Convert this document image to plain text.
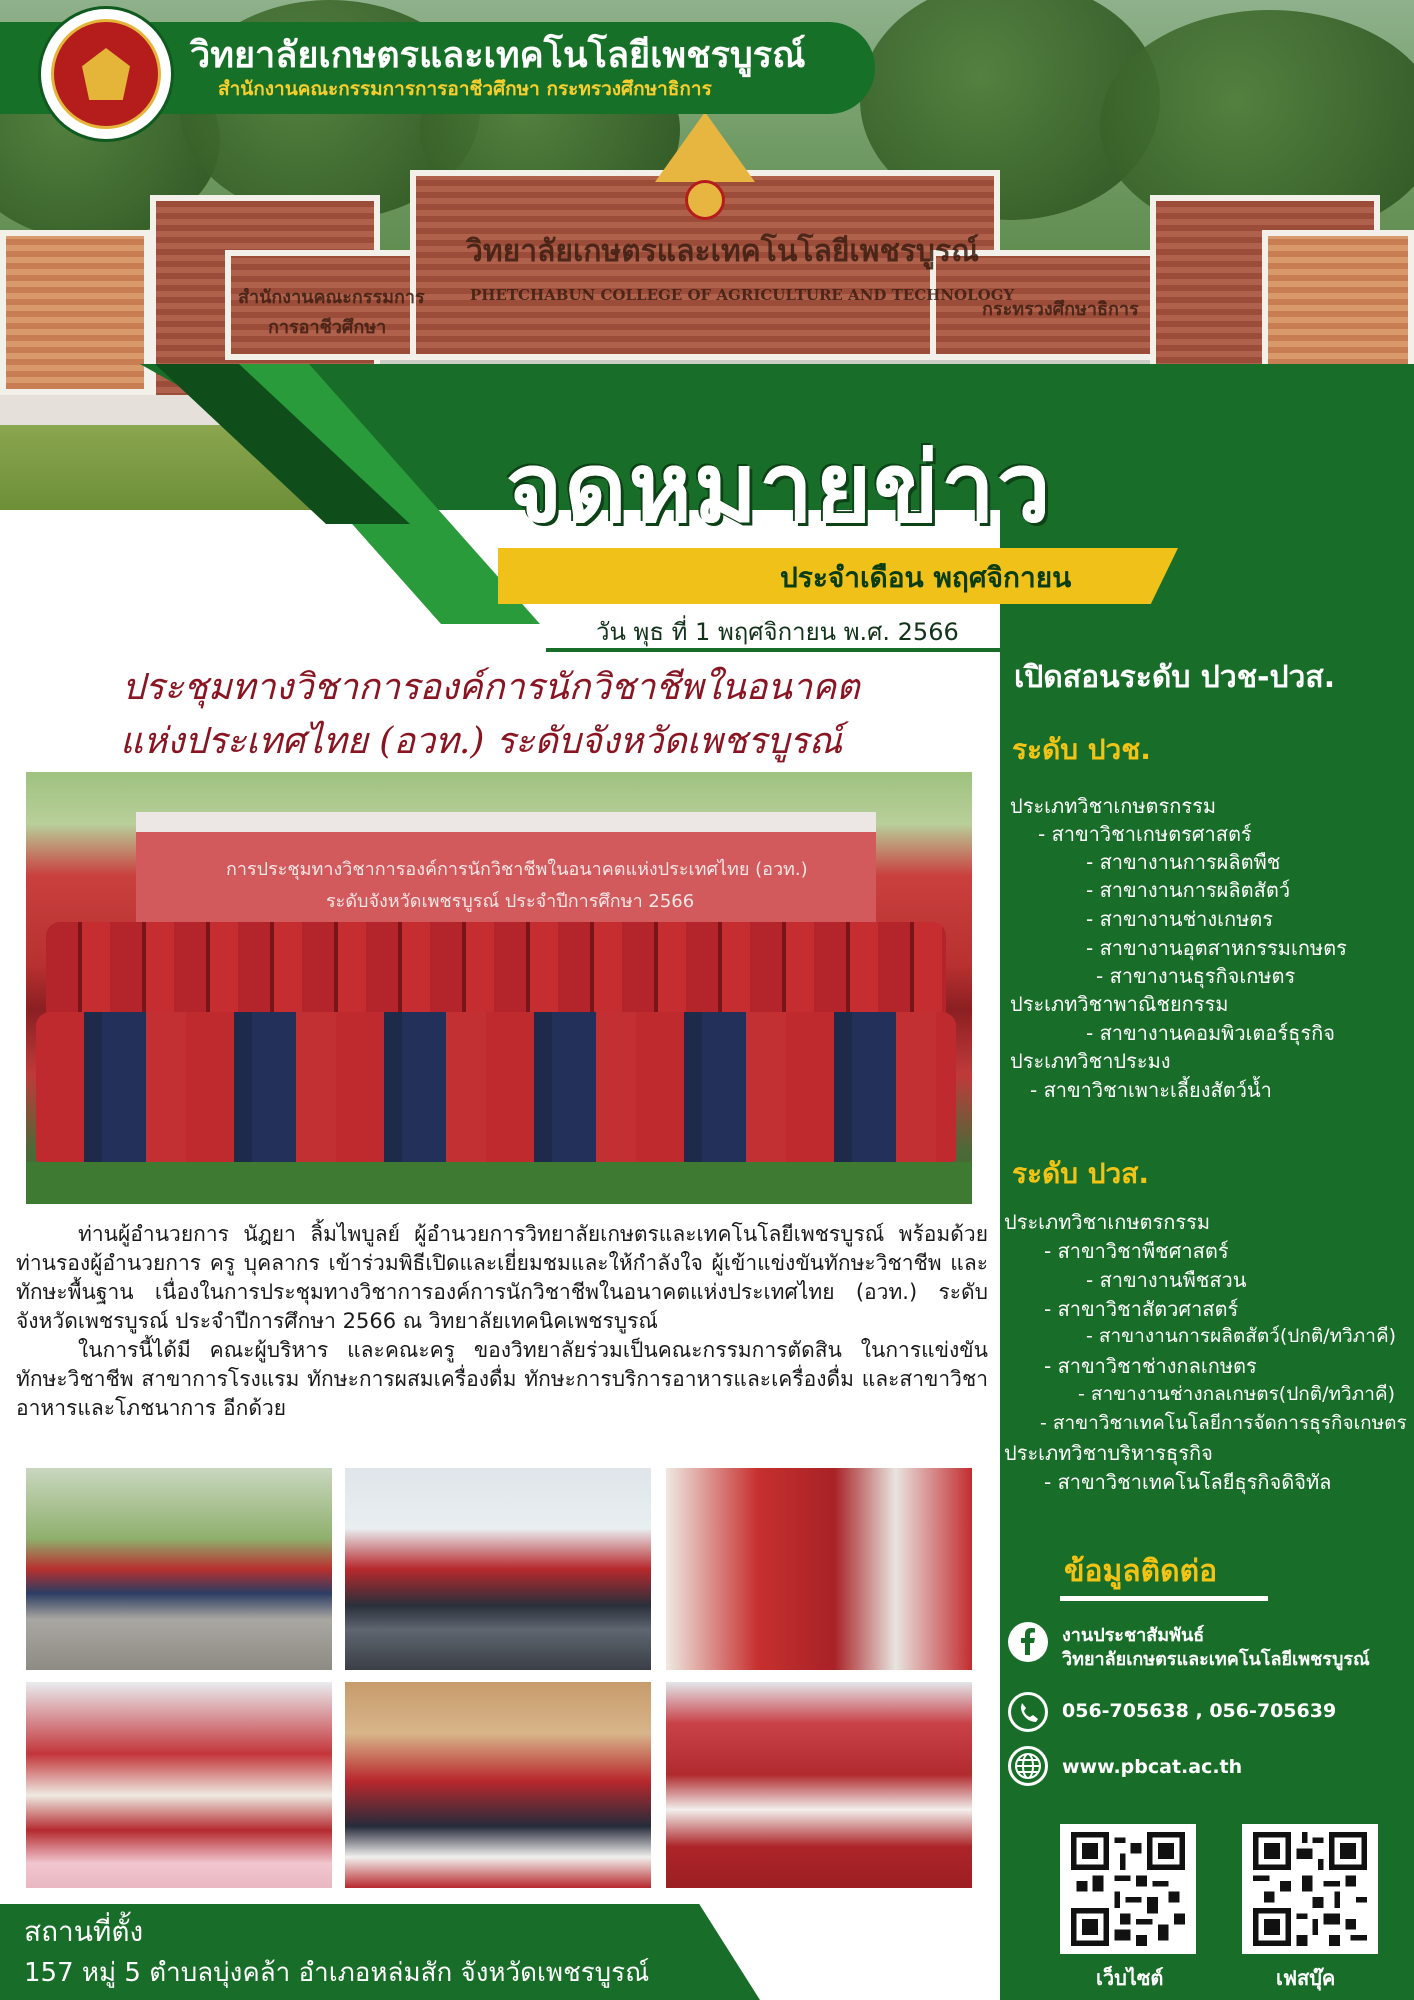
วิทยาลัยเกษตรและเทคโนโลยีเพชรบูรณ์
PHETCHABUN COLLEGE OF AGRICULTURE AND TECHNOLOGY
สำนักงานคณะกรรมการ
การอาชีวศึกษา
กระทรวงศึกษาธิการ
วิทยาลัยเกษตรและเทคโนโลยีเพชรบูรณ์
สำนักงานคณะกรรมการการอาชีวศึกษา กระทรวงศึกษาธิการ
จดหมายข่าว
ประจำเดือน พฤศจิกายน
วัน พุธ ที่ 1 พฤศจิกายน พ.ศ. 2566
ประชุมทางวิชาการองค์การนักวิชาชีพในอนาคต
แห่งประเทศไทย (อวท.) ระดับจังหวัดเพชรบูรณ์
การประชุมทางวิชาการองค์การนักวิชาชีพในอนาคตแห่งประเทศไทย (อวท.)
ระดับจังหวัดเพชรบูรณ์ ประจำปีการศึกษา 2566

ท่านผู้อำนวยการ นัฎยา ลิ้มไพบูลย์ ผู้อำนวยการวิทยาลัยเกษตรและเทคโนโลยีเพชรบูรณ์ พร้อมด้วยท่านรองผู้อำนวยการ ครู บุคลากร เข้าร่วมพิธีเปิดและเยี่ยมชมและให้กำลังใจ ผู้เข้าแข่งขันทักษะวิชาชีพ และทักษะพื้นฐาน เนื่องในการประชุมทางวิชาการองค์การนักวิชาชีพในอนาคตแห่งประเทศไทย (อวท.) ระดับจังหวัดเพชรบูรณ์ ประจำปีการศึกษา 2566 ณ วิทยาลัยเทคนิคเพชรบูรณ์

ในการนี้ได้มี คณะผู้บริหาร และคณะครู ของวิทยาลัยร่วมเป็นคณะกรรมการตัดสิน ในการแข่งขันทักษะวิชาชีพ สาขาการโรงแรม ทักษะการผสมเครื่องดื่ม ทักษะการบริการอาหารและเครื่องดื่ม และสาขาวิชาอาหารและโภชนาการ อีกด้วย

สถานที่ตั้ง
157 หมู่ 5 ตำบลบุ่งคล้า อำเภอหล่มสัก จังหวัดเพชรบูรณ์
เปิดสอนระดับ ปวช-ปวส.
ระดับ ปวช.
ประเภทวิชาเกษตรกรรม
- สาขาวิชาเกษตรศาสตร์
- สาขางานการผลิตพืช
- สาขางานการผลิตสัตว์
- สาขางานช่างเกษตร
- สาขางานอุตสาหกรรมเกษตร
- สาขางานธุรกิจเกษตร
ประเภทวิชาพาณิชยกรรม
- สาขางานคอมพิวเตอร์ธุรกิจ
ประเภทวิชาประมง
- สาขาวิชาเพาะเลี้ยงสัตว์น้ำ
ระดับ ปวส.
ประเภทวิชาเกษตรกรรม
- สาขาวิชาพืชศาสตร์
- สาขางานพืชสวน
- สาขาวิชาสัตวศาสตร์
- สาขางานการผลิตสัตว์(ปกติ/ทวิภาคี)
- สาขาวิชาช่างกลเกษตร
- สาขางานช่างกลเกษตร(ปกติ/ทวิภาคี)
- สาขาวิชาเทคโนโลยีการจัดการธุรกิจเกษตร
ประเภทวิชาบริหารธุรกิจ
- สาขาวิชาเทคโนโลยีธุรกิจดิจิทัล
ข้อมูลติดต่อ
งานประชาสัมพันธ์
วิทยาลัยเกษตรและเทคโนโลยีเพชรบูรณ์
056-705638 , 056-705639
www.pbcat.ac.th
เว็บไซต์	เฟสบุ๊ค
